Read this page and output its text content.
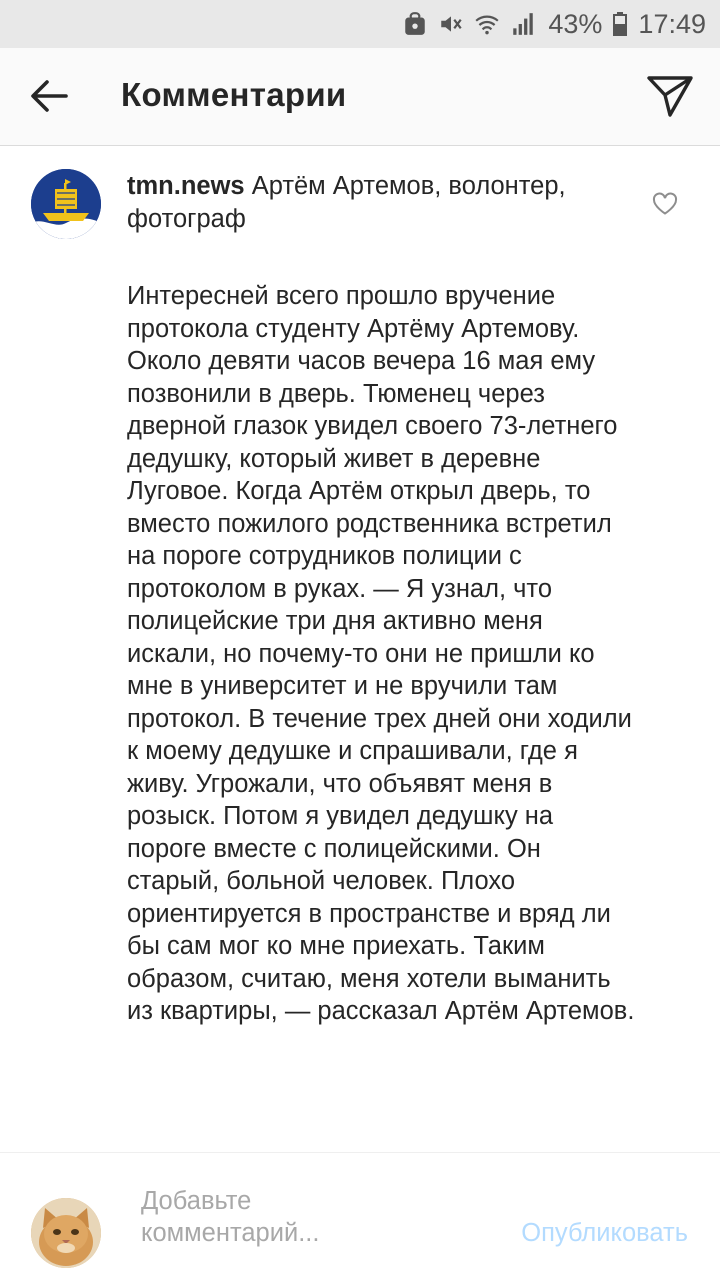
43% 17:49
Комментарии
tmn.news Артём Артемов, волонтер, фотограф
Интересней всего прошло вручение протокола студенту Артёму Артемову. Около девяти часов вечера 16 мая ему позвонили в дверь. Тюменец через дверной глазок увидел своего 73-летнего дедушку, который живет в деревне Луговое. Когда Артём открыл дверь, то вместо пожилого родственника встретил на пороге сотрудников полиции с протоколом в руках. — Я узнал, что полицейские три дня активно меня искали, но почему-то они не пришли ко мне в университет и не вручили там протокол. В течение трех дней они ходили к моему дедушке и спрашивали, где я живу. Угрожали, что объявят меня в розыск. Потом я увидел дедушку на пороге вместе с полицейскими. Он старый, больной человек. Плохо ориентируется в пространстве и вряд ли бы сам мог ко мне приехать. Таким образом, считаю, меня хотели выманить из квартиры, — рассказал Артём Артемов.
Добавьте
комментарий...	Опубликовать
